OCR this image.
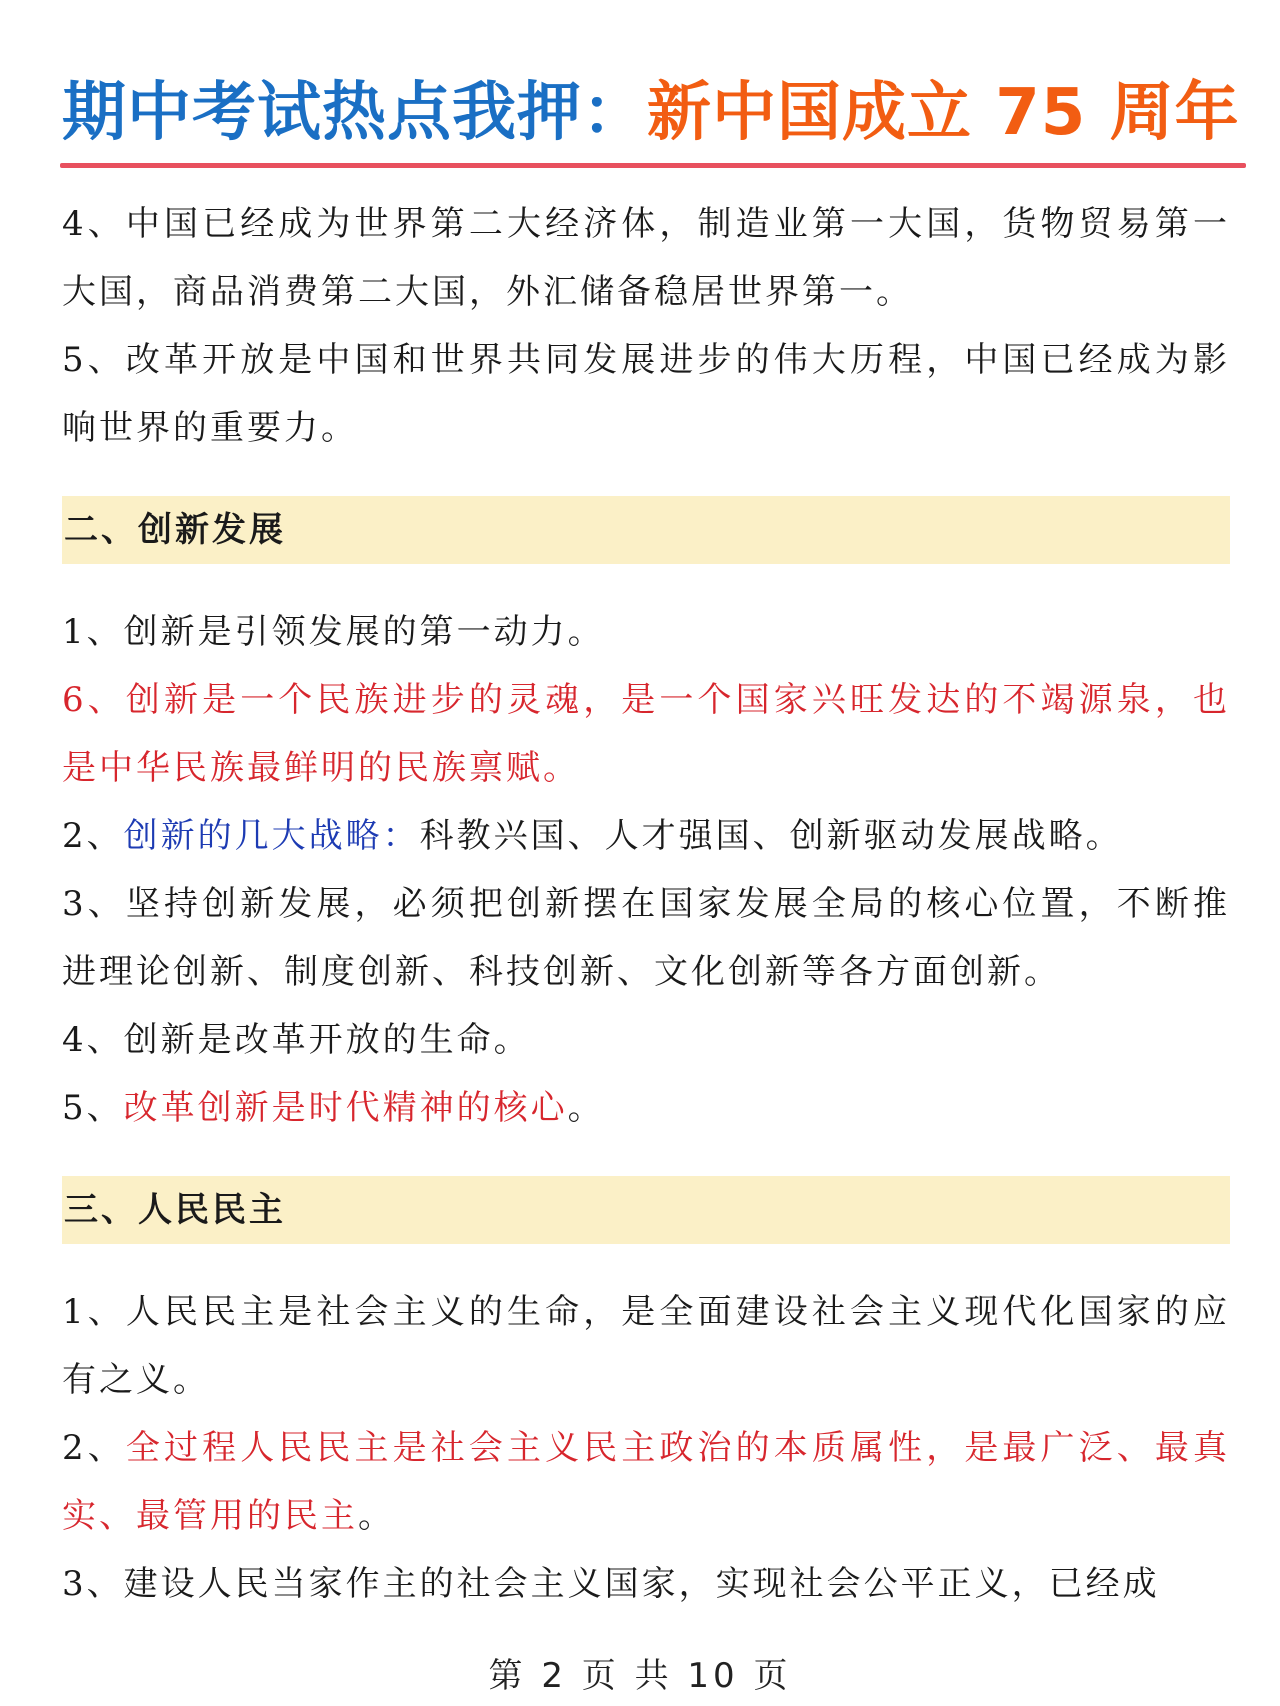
期中考试热点我押：新中国成立 75 周年

4、中国已经成为世界第二大经济体，制造业第一大国，货物贸易第一大国，商品消费第二大国，外汇储备稳居世界第一。

5、改革开放是中国和世界共同发展进步的伟大历程，中国已经成为影响世界的重要力。

二、创新发展

1、创新是引领发展的第一动力。

6、创新是一个民族进步的灵魂，是一个国家兴旺发达的不竭源泉，也是中华民族最鲜明的民族禀赋。

2、创新的几大战略：科教兴国、人才强国、创新驱动发展战略。

3、坚持创新发展，必须把创新摆在国家发展全局的核心位置，不断推进理论创新、制度创新、科技创新、文化创新等各方面创新。

4、创新是改革开放的生命。

5、改革创新是时代精神的核心。

三、人民民主

1、人民民主是社会主义的生命，是全面建设社会主义现代化国家的应有之义。

2、全过程人民民主是社会主义民主政治的本质属性，是最广泛、最真实、最管用的民主。

3、建设人民当家作主的社会主义国家，实现社会公平正义，已经成

第 2 页 共 10 页
